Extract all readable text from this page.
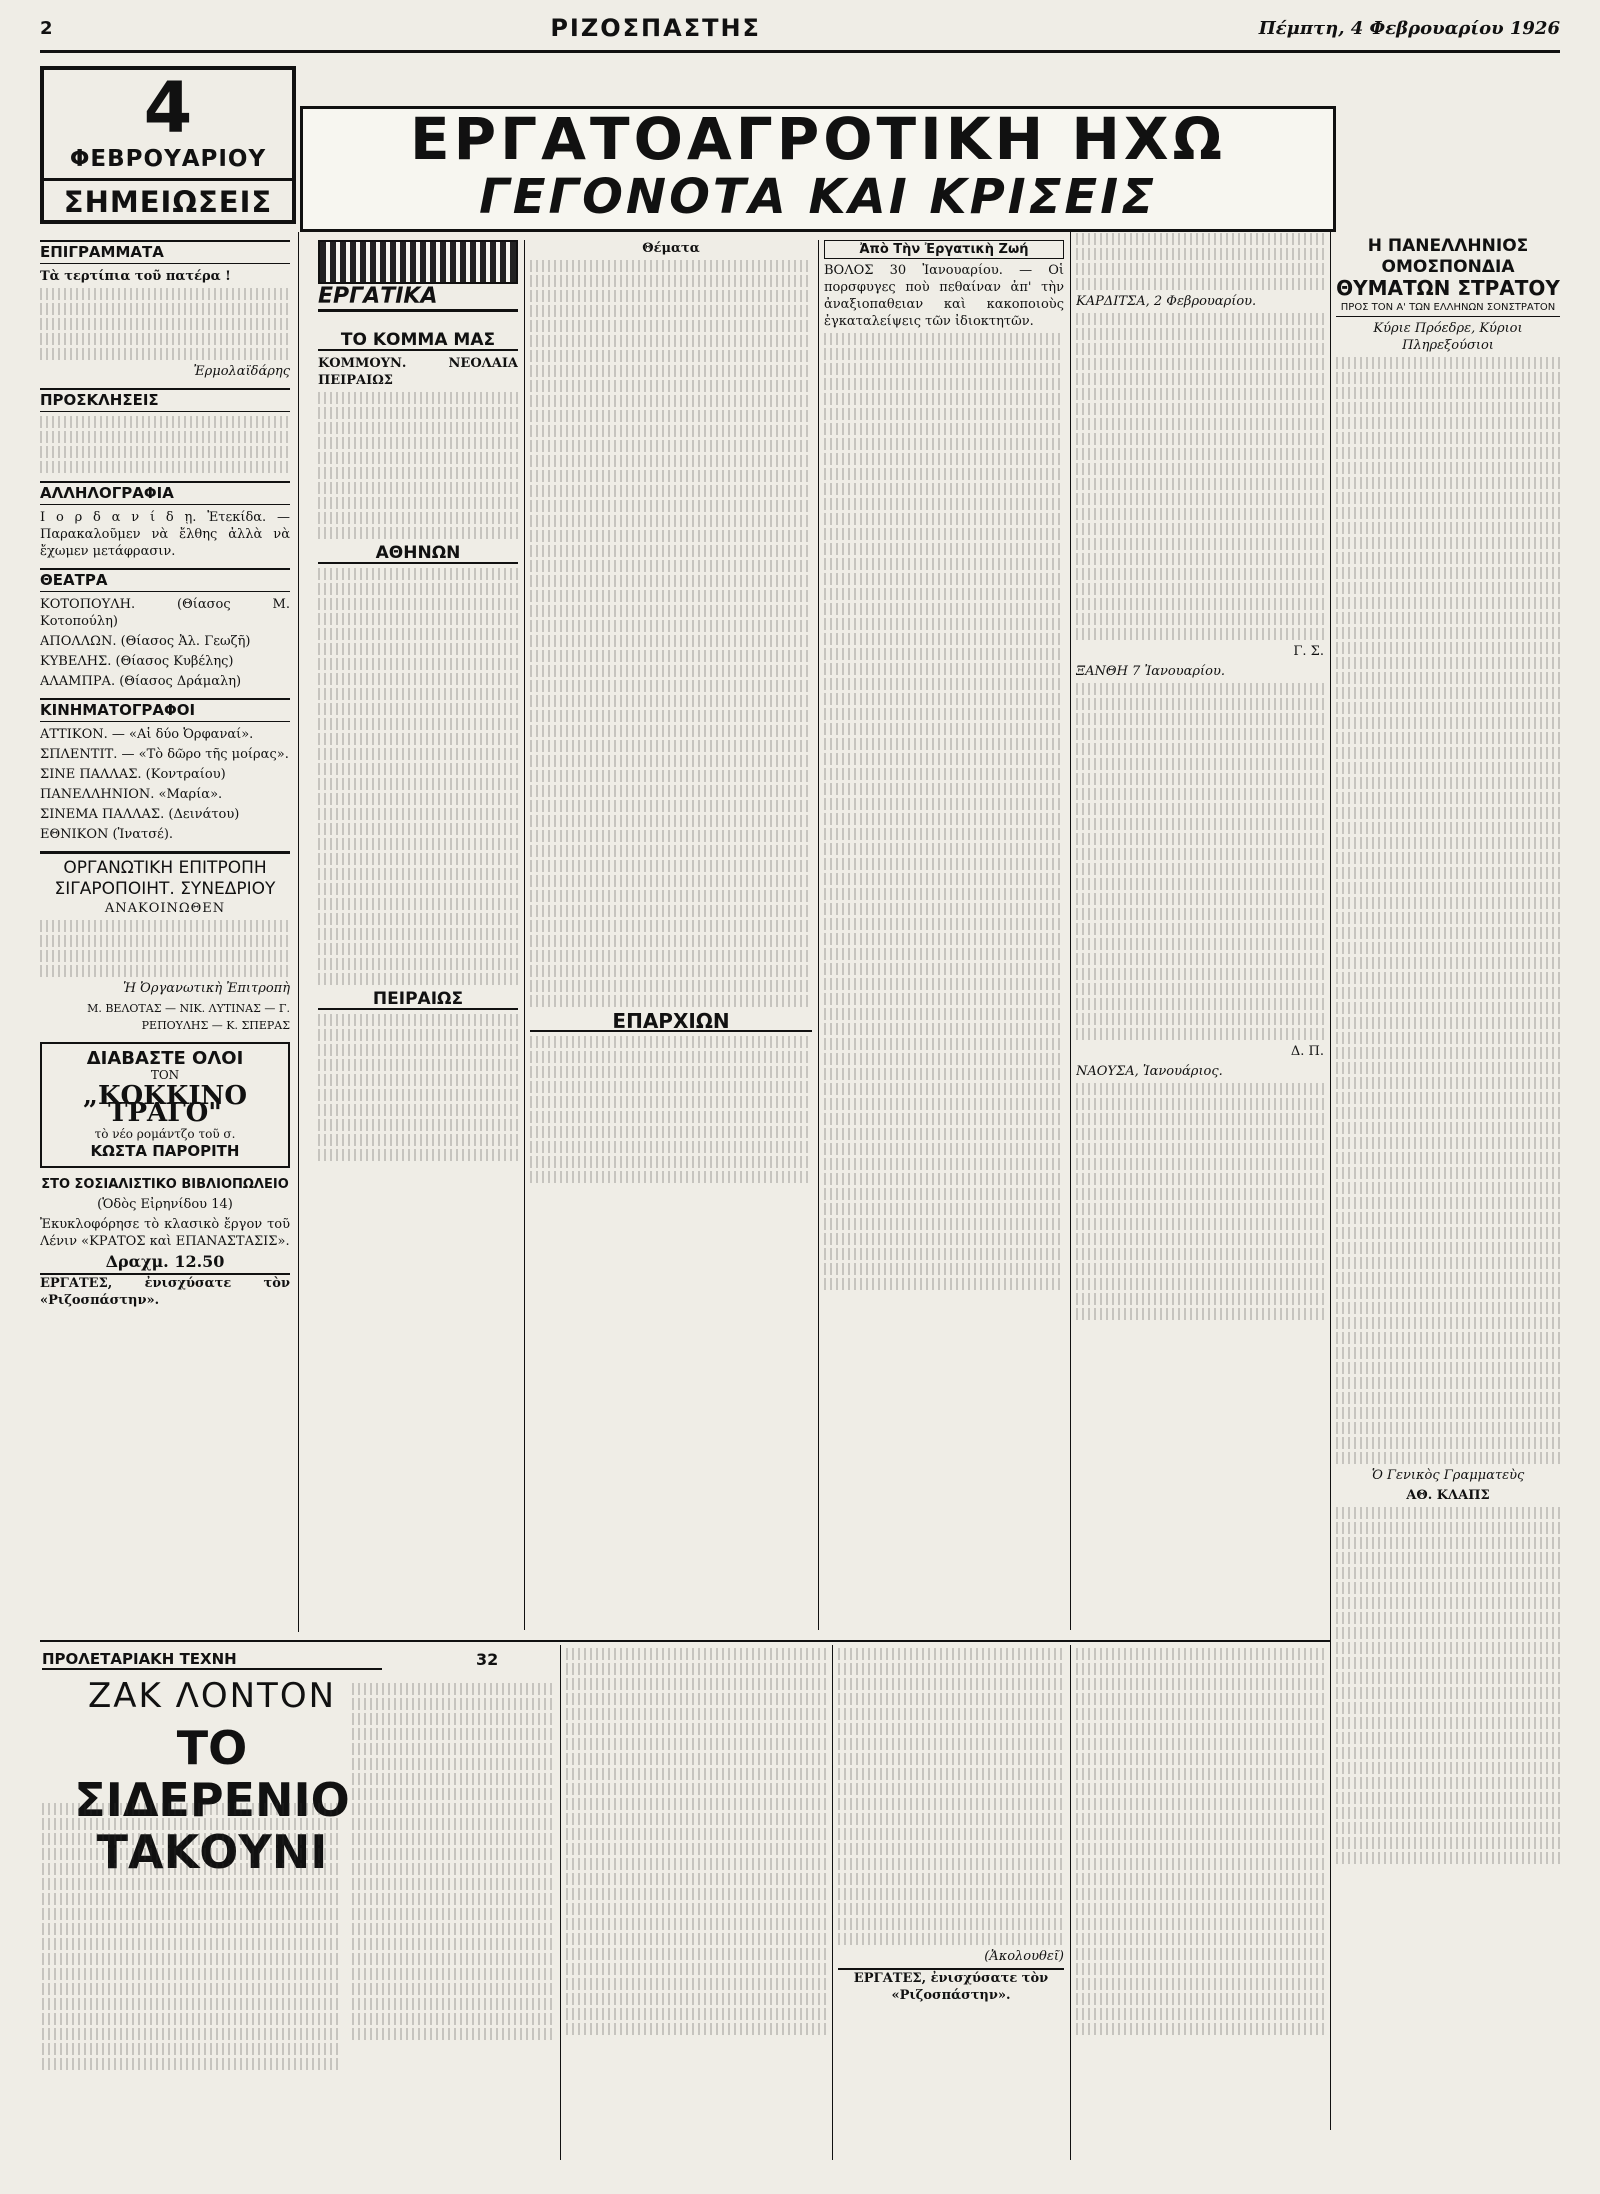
2	ΡΙΖΟΣΠΑΣΤΗΣ	Πέμπτη, 4 Φεβρουαρίου 1926
4
ΦΕΒΡΟΥΑΡΙΟΥ
ΣΗΜΕΙΩΣΕΙΣ
ΕΡΓΑΤΟΑΓΡΟΤΙΚΗ ΗΧΩ
ΓΕΓΟΝΟΤΑ ΚΑΙ ΚΡΙΣΕΙΣ
ΕΠΙΓΡΑΜΜΑΤΑ
Τὰ τερτίπια τοῦ πατέρα !
Ἐρμολαϊδάρης
ΠΡΟΣΚΛΗΣΕΙΣ
ΑΛΛΗΛΟΓΡΑΦΙΑ
Ι ο ρ δ α ν ί δ ῃ. Ἐτεκίδα. — Παρακαλοῦμεν νὰ ἔλθης ἀλλὰ νὰ ἔχωμεν μετάφρασιν.
ΘΕΑΤΡΑ
ΚΟΤΟΠΟΥΛΗ. (Θίασος Μ. Κοτοπούλη)
ΑΠΟΛΛΩΝ. (Θίασος Ἀλ. Γεωζῆ)
ΚΥΒΕΛΗΣ. (Θίασος Κυβέλης)
ΑΛΑΜΠΡΑ. (Θίασος Δράμαλη)
ΚΙΝΗΜΑΤΟΓΡΑΦΟΙ
ΑΤΤΙΚΟΝ. — «Αἱ δύο Ὀρφαναί».
ΣΠΛΕΝΤΙΤ. — «Τὸ δῶρο τῆς μοίρας».
ΣΙΝΕ ΠΑΛΛΑΣ. (Κοντραίου)
ΠΑΝΕΛΛΗΝΙΟΝ. «Μαρία».
ΣΙΝΕΜΑ ΠΑΛΛΑΣ. (Δεινάτου)
ΕΘΝΙΚΟΝ (Ἰνατσέ).
ΟΡΓΑΝΩΤΙΚΗ ΕΠΙΤΡΟΠΗ ΣΙΓΑΡΟΠΟΙΗΤ. ΣΥΝΕΔΡΙΟΥ
ΑΝΑΚΟΙΝΩΘΕΝ
Ἡ Ὀργανωτικὴ Ἐπιτροπὴ
Μ. ΒΕΛΟΤΑΣ — ΝΙΚ. ΛΥΤΙΝΑΣ — Γ. ΡΕΠΟΥΛΗΣ — Κ. ΣΠΕΡΑΣ
ΔΙΑΒΑΣΤΕ ΟΛΟΙ
ΤΟΝ
„ΚΟΚΚΙΝΟ ΤΡΑΓΟ"
τὸ νέο ρομάντζο τοῦ σ.
ΚΩΣΤΑ ΠΑΡΟΡΙΤΗ
ΣΤΟ ΣΟΣΙΑΛΙΣΤΙΚΟ ΒΙΒΛΙΟΠΩΛΕΙΟ
(Ὁδὸς Εἰρηνίδου 14)
Ἐκυκλοφόρησε τὸ κλασικὸ ἔργον τοῦ Λένιν «ΚΡΑΤΟΣ καὶ ΕΠΑΝΑΣΤΑΣΙΣ».
Δραχμ. 12.50
ΕΡΓΑΤΕΣ, ἐνισχύσατε τὸν «Ριζοσπάστην».
ΕΡΓΑΤΙΚΑ
ΤΟ ΚΟΜΜΑ ΜΑΣ
ΚΟΜΜΟΥΝ. ΝΕΟΛΑΙΑ ΠΕΙΡΑΙΩΣ
ΑΘΗΝΩΝ
ΠΕΙΡΑΙΩΣ
Θέματα
ΕΠΑΡΧΙΩΝ
Ἀπὸ Τὴν Ἐργατικὴ Ζωή
ΒΟΛΟΣ 30 Ἰανουαρίου. — Οἱ πορσφυγες ποὺ πεθαίναν ἀπ' τὴν ἀναξιοπαθειαν καὶ κακοποιοὺς ἐγκαταλείψεις τῶν ἰδιοκτητῶν.
ΚΑΡΔΙΤΣΑ, 2 Φεβρουαρίου.
Γ. Σ.
ΞΑΝΘΗ 7 Ἰανουαρίου.
Δ. Π.
ΝΑΟΥΣΑ, Ἰανουάριος.
Η ΠΑΝΕΛΛΗΝΙΟΣ ΟΜΟΣΠΟΝΔΙΑ
ΘΥΜΑΤΩΝ ΣΤΡΑΤΟΥ
ΠΡΟΣ ΤΟΝ Α' ΤΩΝ ΕΛΛΗΝΩΝ ΣΟΝΣΤΡΑΤΟΝ
Κύριε Πρόεδρε, Κύριοι Πληρεξούσιοι
Ὁ Γενικὸς Γραμματεὺς
ΑΘ. ΚΛΑΠΣ
ΠΡΟΛΕΤΑΡΙΑΚΗ ΤΕΧΝΗ
ΖΑΚ ΛΟΝΤΟΝ
ΤΟ ΣΙΔΕΡΕΝΙΟ ΤΑΚΟΥΝΙ
32
(Ἀκολουθεῖ)
ΕΡΓΑΤΕΣ, ἐνισχύσατε τὸν «Ριζοσπάστην».
